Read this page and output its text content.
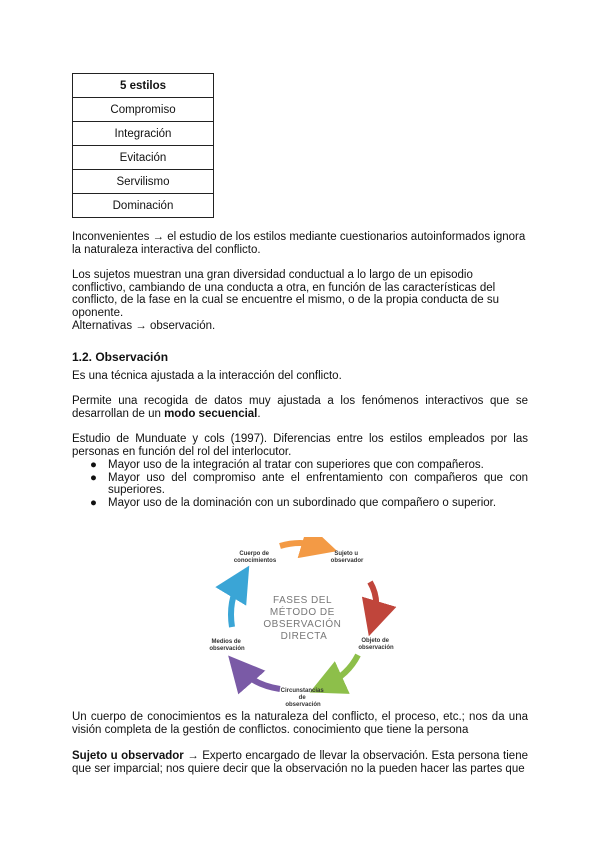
5 estilos
Compromiso
Integración
Evitación
Servilismo
Dominación

Inconvenientes → el estudio de los estilos mediante cuestionarios autoinformados ignora la naturaleza interactiva del conflicto.

Los sujetos muestran una gran diversidad conductual a lo largo de un episodio conflictivo, cambiando de una conducta a otra, en función de las características del conflicto, de la fase en la cual se encuentre el mismo, o de la propia conducta de su oponente.

Alternativas → observación.

1.2. Observación

Es una técnica ajustada a la interacción del conflicto.

Permite una recogida de datos muy ajustada a los fenómenos interactivos que se desarrollan de un modo secuencial.

Estudio de Munduate y cols (1997). Diferencias entre los estilos empleados por las personas en función del rol del interlocutor.

● Mayor uso de la integración al tratar con superiores que con compañeros.
● Mayor uso del compromiso ante el enfrentamiento con compañeros que con superiores.
● Mayor uso de la dominación con un subordinado que compañero o superior.
FASES DEL MÉTODO DE OBSERVACIÓN DIRECTA
Cuerpo de conocimientos
Sujeto u observador
Objeto de observación
Circunstancias de observación
Medios de observación

Un cuerpo de conocimientos es la naturaleza del conflicto, el proceso, etc.; nos da una visión completa de la gestión de conflictos. conocimiento que tiene la persona

Sujeto u observador → Experto encargado de llevar la observación. Esta persona tiene que ser imparcial; nos quiere decir que la observación no la pueden hacer las partes que
